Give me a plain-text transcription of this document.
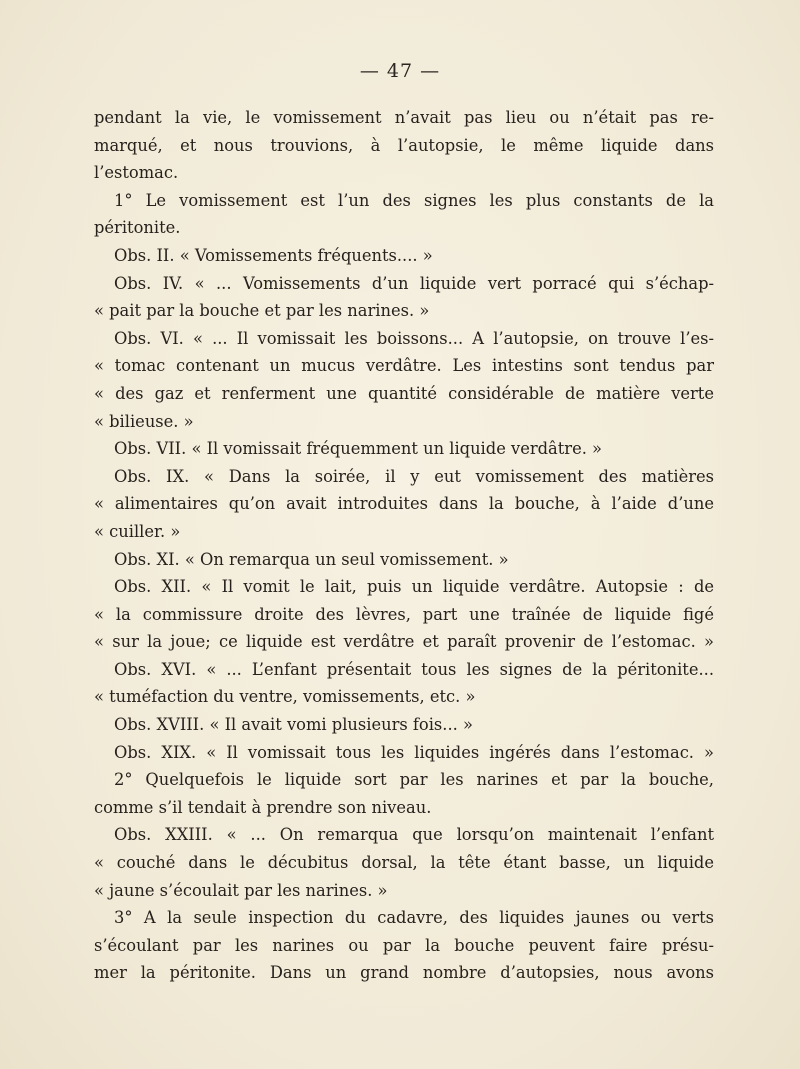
— 47 —
pendant la vie, le vomissement n’avait pas lieu ou n’était pas re-
marqué, et nous trouvions, à l’autopsie, le même liquide dans
l’estomac.
1° Le vomissement est l’un des signes les plus constants de la
péritonite.
Obs. II. « Vomissements fréquents.... »
Obs. IV. « ... Vomissements d’un liquide vert porracé qui s’échap-
« pait par la bouche et par les narines. »
Obs. VI. « ... Il vomissait les boissons... A l’autopsie, on trouve l’es-
« tomac contenant un mucus verdâtre. Les intestins sont tendus par
« des gaz et renferment une quantité considérable de matière verte
« bilieuse. »
Obs. VII. « Il vomissait fréquemment un liquide verdâtre. »
Obs. IX. « Dans la soirée, il y eut vomissement des matières
« alimentaires qu’on avait introduites dans la bouche, à l’aide d’une
« cuiller. »
Obs. XI. « On remarqua un seul vomissement. »
Obs. XII. « Il vomit le lait, puis un liquide verdâtre. Autopsie : de
« la commissure droite des lèvres, part une traînée de liquide figé
« sur la joue; ce liquide est verdâtre et paraît provenir de l’estomac. »
Obs. XVI. « ... L’enfant présentait tous les signes de la péritonite...
« tuméfaction du ventre, vomissements, etc. »
Obs. XVIII. « Il avait vomi plusieurs fois... »
Obs. XIX. « Il vomissait tous les liquides ingérés dans l’estomac. »
2° Quelquefois le liquide sort par les narines et par la bouche,
comme s’il tendait à prendre son niveau.
Obs. XXIII. « ... On remarqua que lorsqu’on maintenait l’enfant
« couché dans le décubitus dorsal, la tête étant basse, un liquide
« jaune s’écoulait par les narines. »
3° A la seule inspection du cadavre, des liquides jaunes ou verts
s’écoulant par les narines ou par la bouche peuvent faire présu-
mer la péritonite. Dans un grand nombre d’autopsies, nous avons
